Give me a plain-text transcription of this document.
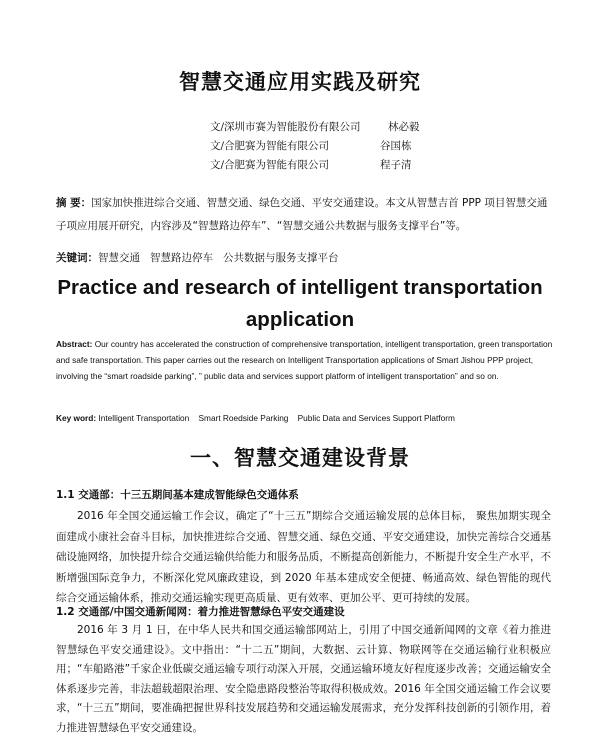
智慧交通应用实践及研究
文/深圳市赛为智能股份有限公司	林必毅
文/合肥赛为智能有限公司	谷国栋
文/合肥赛为智能有限公司	程子清
摘 要：国家加快推进综合交通、智慧交通、绿色交通、平安交通建设。本文从智慧吉首 PPP 项目智慧交通子项应用展开研究，内容涉及“智慧路边停车”、“智慧交通公共数据与服务支撑平台”等。
关键词：智慧交通   智慧路边停车   公共数据与服务支撑平台
Practice and research of intelligent transportation
application
Abstract: Our country has accelerated the construction of comprehensive transportation, intelligent transportation, green transportation and safe transportation. This paper carries out the research on Intelligent Transportation applications of Smart Jishou PPP project, involving the “smart roadside parking”, ” public data and services support platform of intelligent transportation” and so on.
Key word: Intelligent Transportation    Smart Roedside Parking    Public Data and Services Support Platform
一、智慧交通建设背景
1.1 交通部：十三五期间基本建成智能绿色交通体系
2016 年全国交通运输工作会议，确定了“十三五”期综合交通运输发展的总体目标， 聚焦加期实现全面建成小康社会奋斗目标，加快推进综合交通、智慧交通、绿色交通、平安交通建设，加快完善综合交通基础设施网络，加快提升综合交通运输供给能力和服务品质，不断提高创新能力，不断提升安全生产水平，不断增强国际竞争力，不断深化党风廉政建设，到 2020 年基本建成安全便捷、畅通高效、绿色智能的现代综合交通运输体系，推动交通运输实现更高质量、更有效率、更加公平、更可持续的发展。
1.2 交通部/中国交通新闻网：着力推进智慧绿色平安交通建设
2016 年 3 月 1 日，在中华人民共和国交通运输部网站上，引用了中国交通新闻网的文章《着力推进智慧绿色平安交通建设》。文中指出：“十二五”期间，大数据、云计算、物联网等在交通运输行业积极应用；“车船路港”千家企业低碳交通运输专项行动深入开展，交通运输环境友好程度逐步改善；交通运输安全体系逐步完善，非法超载超限治理、安全隐患路段整治等取得积极成效。2016 年全国交通运输工作会议要求，“十三五”期间，要准确把握世界科技发展趋势和交通运输发展需求，充分发挥科技创新的引领作用，着力推进智慧绿色平安交通建设。
